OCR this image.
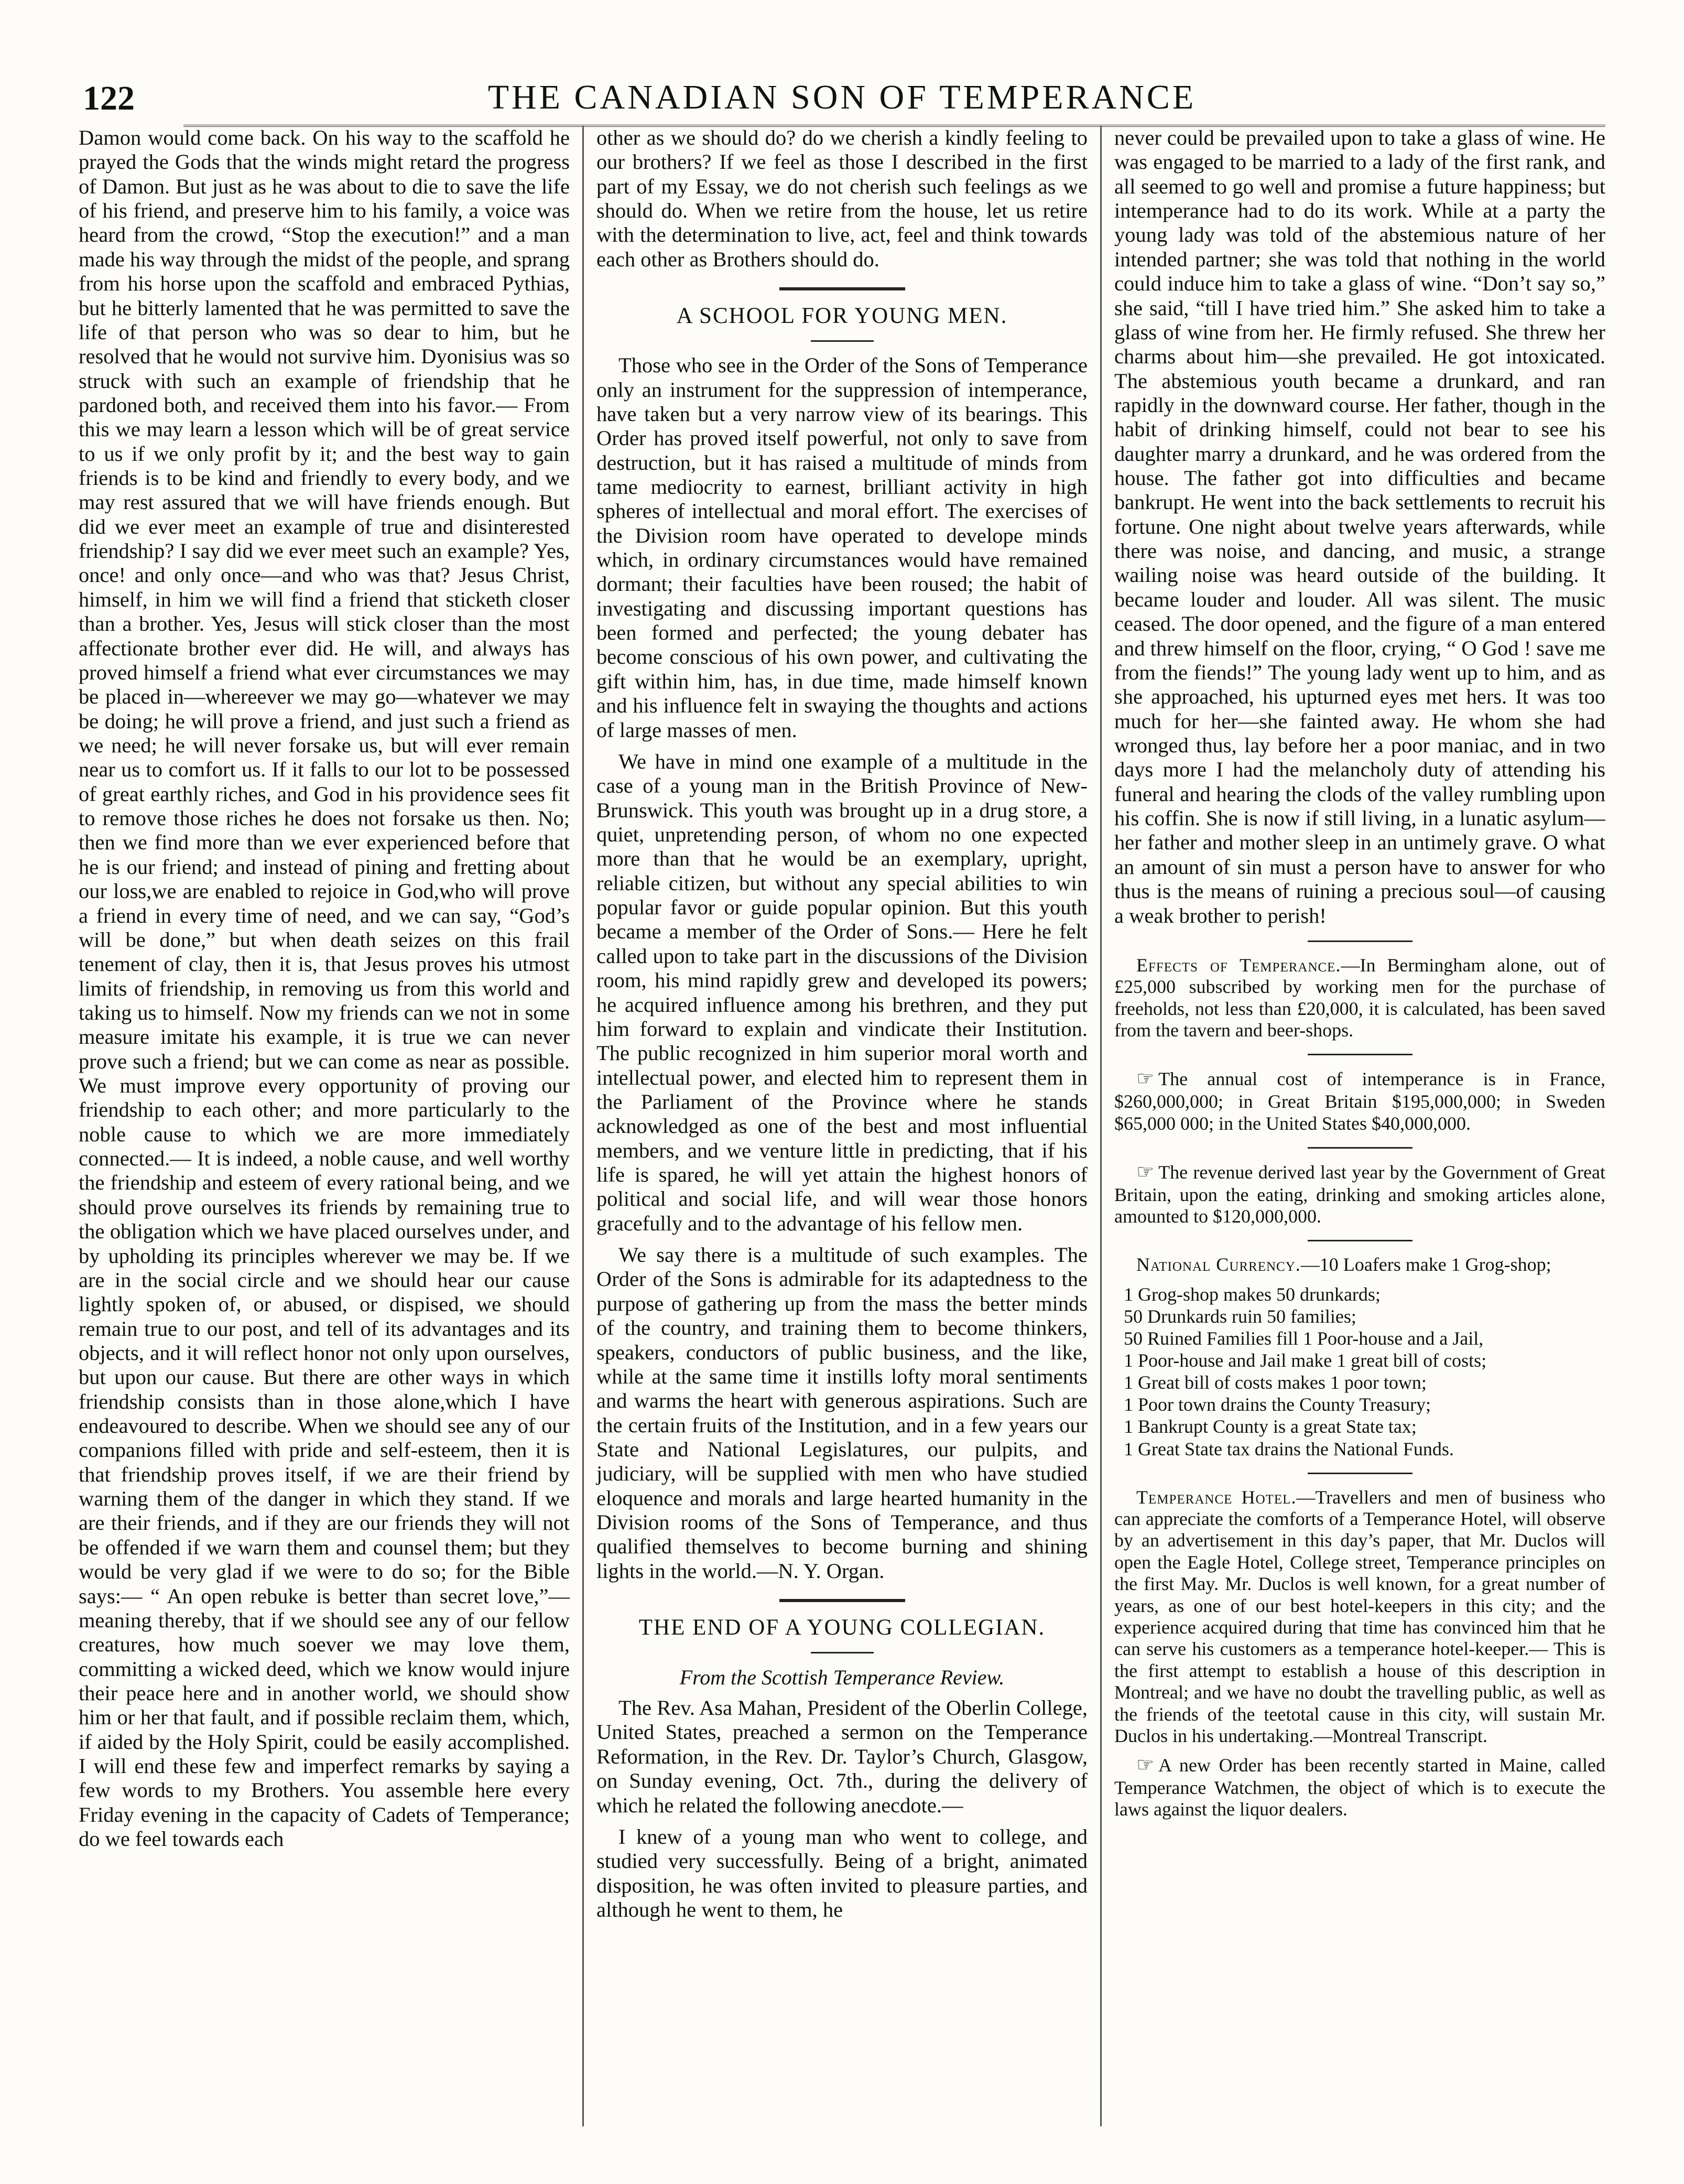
122	THE CANADIAN SON OF TEMPERANCE

Damon would come back. On his way to the scaffold he prayed the Gods that the winds might retard the progress of Damon. But just as he was about to die to save the life of his friend, and preserve him to his family, a voice was heard from the crowd, “Stop the execution!” and a man made his way through the midst of the people, and sprang from his horse upon the scaffold and embraced Pythias, but he bitterly lamented that he was permitted to save the life of that person who was so dear to him, but he resolved that he would not survive him. Dyonisius was so struck with such an example of friendship that he pardoned both, and received them into his favor.— From this we may learn a lesson which will be of great service to us if we only profit by it; and the best way to gain friends is to be kind and friendly to every body, and we may rest assured that we will have friends enough. But did we ever meet an example of true and disinterested friendship? I say did we ever meet such an example? Yes, once! and only once—and who was that? Jesus Christ, himself, in him we will find a friend that sticketh closer than a brother. Yes, Jesus will stick closer than the most affectionate brother ever did. He will, and always has proved himself a friend what ever circumstances we may be placed in—whereever we may go—whatever we may be doing; he will prove a friend, and just such a friend as we need; he will never forsake us, but will ever remain near us to comfort us. If it falls to our lot to be possessed of great earthly riches, and God in his providence sees fit to remove those riches he does not forsake us then. No; then we find more than we ever experienced before that he is our friend; and instead of pining and fretting about our loss,we are enabled to rejoice in God,who will prove a friend in every time of need, and we can say, “God’s will be done,” but when death seizes on this frail tenement of clay, then it is, that Jesus proves his utmost limits of friendship, in removing us from this world and taking us to himself. Now my friends can we not in some measure imitate his example, it is true we can never prove such a friend; but we can come as near as possible. We must improve every opportunity of proving our friendship to each other; and more particularly to the noble cause to which we are more immediately connected.— It is indeed, a noble cause, and well worthy the friendship and esteem of every rational being, and we should prove ourselves its friends by remaining true to the obligation which we have placed ourselves under, and by upholding its principles wherever we may be. If we are in the social circle and we should hear our cause lightly spoken of, or abused, or dispised, we should remain true to our post, and tell of its advantages and its objects, and it will reflect honor not only upon ourselves, but upon our cause. But there are other ways in which friendship consists than in those alone,which I have endeavoured to describe. When we should see any of our companions filled with pride and self-esteem, then it is that friendship proves itself, if we are their friend by warning them of the danger in which they stand. If we are their friends, and if they are our friends they will not be offended if we warn them and counsel them; but they would be very glad if we were to do so; for the Bible says:— “ An open rebuke is better than secret love,”— meaning thereby, that if we should see any of our fellow creatures, how much soever we may love them, committing a wicked deed, which we know would injure their peace here and in another world, we should show him or her that fault, and if possible reclaim them, which, if aided by the Holy Spirit, could be easily accomplished. I will end these few and imperfect remarks by saying a few words to my Brothers. You assemble here every Friday evening in the capacity of Cadets of Temperance; do we feel towards each

other as we should do? do we cherish a kindly feeling to our brothers? If we feel as those I described in the first part of my Essay, we do not cherish such feelings as we should do. When we retire from the house, let us retire with the determination to live, act, feel and think towards each other as Brothers should do.

A SCHOOL FOR YOUNG MEN.

Those who see in the Order of the Sons of Temperance only an instrument for the suppression of intemperance, have taken but a very narrow view of its bearings. This Order has proved itself powerful, not only to save from destruction, but it has raised a multitude of minds from tame mediocrity to earnest, brilliant activity in high spheres of intellectual and moral effort. The exercises of the Division room have operated to develope minds which, in ordinary circumstances would have remained dormant; their faculties have been roused; the habit of investigating and discussing important questions has been formed and perfected; the young debater has become conscious of his own power, and cultivating the gift within him, has, in due time, made himself known and his influence felt in swaying the thoughts and actions of large masses of men.

We have in mind one example of a multitude in the case of a young man in the British Province of New-Brunswick. This youth was brought up in a drug store, a quiet, unpretending person, of whom no one expected more than that he would be an exemplary, upright, reliable citizen, but without any special abilities to win popular favor or guide popular opinion. But this youth became a member of the Order of Sons.— Here he felt called upon to take part in the discussions of the Division room, his mind rapidly grew and developed its powers; he acquired influence among his brethren, and they put him forward to explain and vindicate their Institution. The public recognized in him superior moral worth and intellectual power, and elected him to represent them in the Parliament of the Province where he stands acknowledged as one of the best and most influential members, and we venture little in predicting, that if his life is spared, he will yet attain the highest honors of political and social life, and will wear those honors gracefully and to the advantage of his fellow men.

We say there is a multitude of such examples. The Order of the Sons is admirable for its adaptedness to the purpose of gathering up from the mass the better minds of the country, and training them to become thinkers, speakers, conductors of public business, and the like, while at the same time it instills lofty moral sentiments and warms the heart with generous aspirations. Such are the certain fruits of the Institution, and in a few years our State and National Legislatures, our pulpits, and judiciary, will be supplied with men who have studied eloquence and morals and large hearted humanity in the Division rooms of the Sons of Temperance, and thus qualified themselves to become burning and shining lights in the world.—N. Y. Organ.

THE END OF A YOUNG COLLEGIAN.
From the Scottish Temperance Review.

The Rev. Asa Mahan, President of the Oberlin College, United States, preached a sermon on the Temperance Reformation, in the Rev. Dr. Taylor’s Church, Glasgow, on Sunday evening, Oct. 7th., during the delivery of which he related the following anecdote.—

I knew of a young man who went to college, and studied very successfully. Being of a bright, animated disposition, he was often invited to pleasure parties, and although he went to them, he

never could be prevailed upon to take a glass of wine. He was engaged to be married to a lady of the first rank, and all seemed to go well and promise a future happiness; but intemperance had to do its work. While at a party the young lady was told of the abstemious nature of her intended partner; she was told that nothing in the world could induce him to take a glass of wine. “Don’t say so,” she said, “till I have tried him.” She asked him to take a glass of wine from her. He firmly refused. She threw her charms about him—she prevailed. He got intoxicated. The abstemious youth became a drunkard, and ran rapidly in the downward course. Her father, though in the habit of drinking himself, could not bear to see his daughter marry a drunkard, and he was ordered from the house. The father got into difficulties and became bankrupt. He went into the back settlements to recruit his fortune. One night about twelve years afterwards, while there was noise, and dancing, and music, a strange wailing noise was heard outside of the building. It became louder and louder. All was silent. The music ceased. The door opened, and the figure of a man entered and threw himself on the floor, crying, “ O God ! save me from the fiends!” The young lady went up to him, and as she approached, his upturned eyes met hers. It was too much for her—she fainted away. He whom she had wronged thus, lay before her a poor maniac, and in two days more I had the melancholy duty of attending his funeral and hearing the clods of the valley rumbling upon his coffin. She is now if still living, in a lunatic asylum—her father and mother sleep in an untimely grave. O what an amount of sin must a person have to answer for who thus is the means of ruining a precious soul—of causing a weak brother to perish!

Effects of Temperance.—In Bermingham alone, out of £25,000 subscribed by working men for the purchase of freeholds, not less than £20,000, it is calculated, has been saved from the tavern and beer-shops.

☞ The annual cost of intemperance is in France, $260,000,000; in Great Britain $195,000,000; in Sweden $65,000 000; in the United States $40,000,000.

☞ The revenue derived last year by the Government of Great Britain, upon the eating, drinking and smoking articles alone, amounted to $120,000,000.

National Currency.—10 Loafers make 1 Grog-shop;

1 Grog-shop makes 50 drunkards;
50 Drunkards ruin 50 families;
50 Ruined Families fill 1 Poor-house and a Jail,
1 Poor-house and Jail make 1 great bill of costs;
1 Great bill of costs makes 1 poor town;
1 Poor town drains the County Treasury;
1 Bankrupt County is a great State tax;
1 Great State tax drains the National Funds.

Temperance Hotel.—Travellers and men of business who can appreciate the comforts of a Temperance Hotel, will observe by an advertisement in this day’s paper, that Mr. Duclos will open the Eagle Hotel, College street, Temperance principles on the first May. Mr. Duclos is well known, for a great number of years, as one of our best hotel-keepers in this city; and the experience acquired during that time has convinced him that he can serve his customers as a temperance hotel-keeper.— This is the first attempt to establish a house of this description in Montreal; and we have no doubt the travelling public, as well as the friends of the teetotal cause in this city, will sustain Mr. Duclos in his undertaking.—Montreal Transcript.

☞ A new Order has been recently started in Maine, called Temperance Watchmen, the object of which is to execute the laws against the liquor dealers.
